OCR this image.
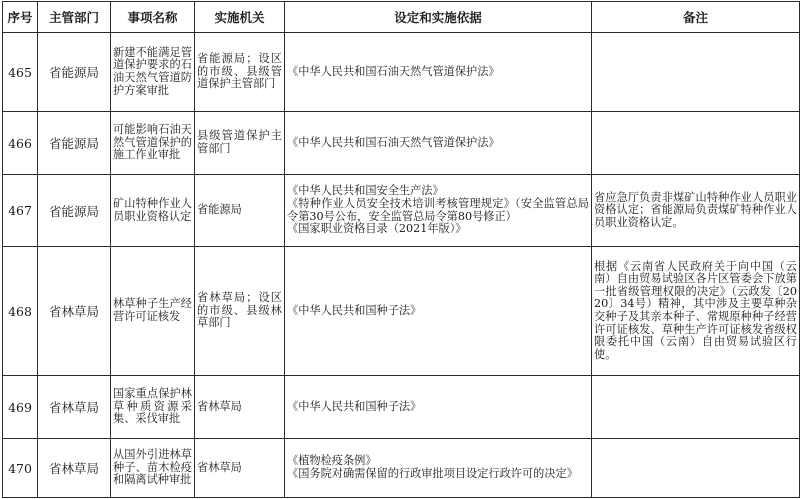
序号	主管部门	事项名称	实施机关	设定和实施依据	备注
465	省能源局	新建不能满足管道保护要求的石油天然气管道防护方案审批	省能源局；设区的市级、县级管道保护主管部门	《中华人民共和国石油天然气管道保护法》	

466	省能源局	可能影响石油天然气管道保护的施工作业审批	县级管道保护主管部门	《中华人民共和国石油天然气管道保护法》	

467	省能源局	矿山特种作业人员职业资格认定	省能源局	《中华人民共和国安全生产法》
《特种作业人员安全技术培训考核管理规定》（安全监管总局令第30号公布，安全监管总局令第80号修正）
《国家职业资格目录（2021年版）》	省应急厅负责非煤矿山特种作业人员职业资格认定；省能源局负责煤矿特种作业人员职业资格认定。
468	省林草局	林草种子生产经营许可证核发	省林草局；设区的市级、县级林草部门	《中华人民共和国种子法》	根据《云南省人民政府关于向中国（云南）自由贸易试验区各片区管委会下放第一批省级管理权限的决定》（云政发〔2020〕34号）精神，其中涉及主要草种杂交种子及其亲本种子、常规原种种子经营许可证核发、草种生产许可证核发省级权限委托中国（云南）自由贸易试验区行使。
469	省林草局	国家重点保护林草种质资源采集、采伐审批	省林草局	《中华人民共和国种子法》	

470	省林草局	从国外引进林草种子、苗木检疫和隔离试种审批	省林草局	《植物检疫条例》
《国务院对确需保留的行政审批项目设定行政许可的决定》	
